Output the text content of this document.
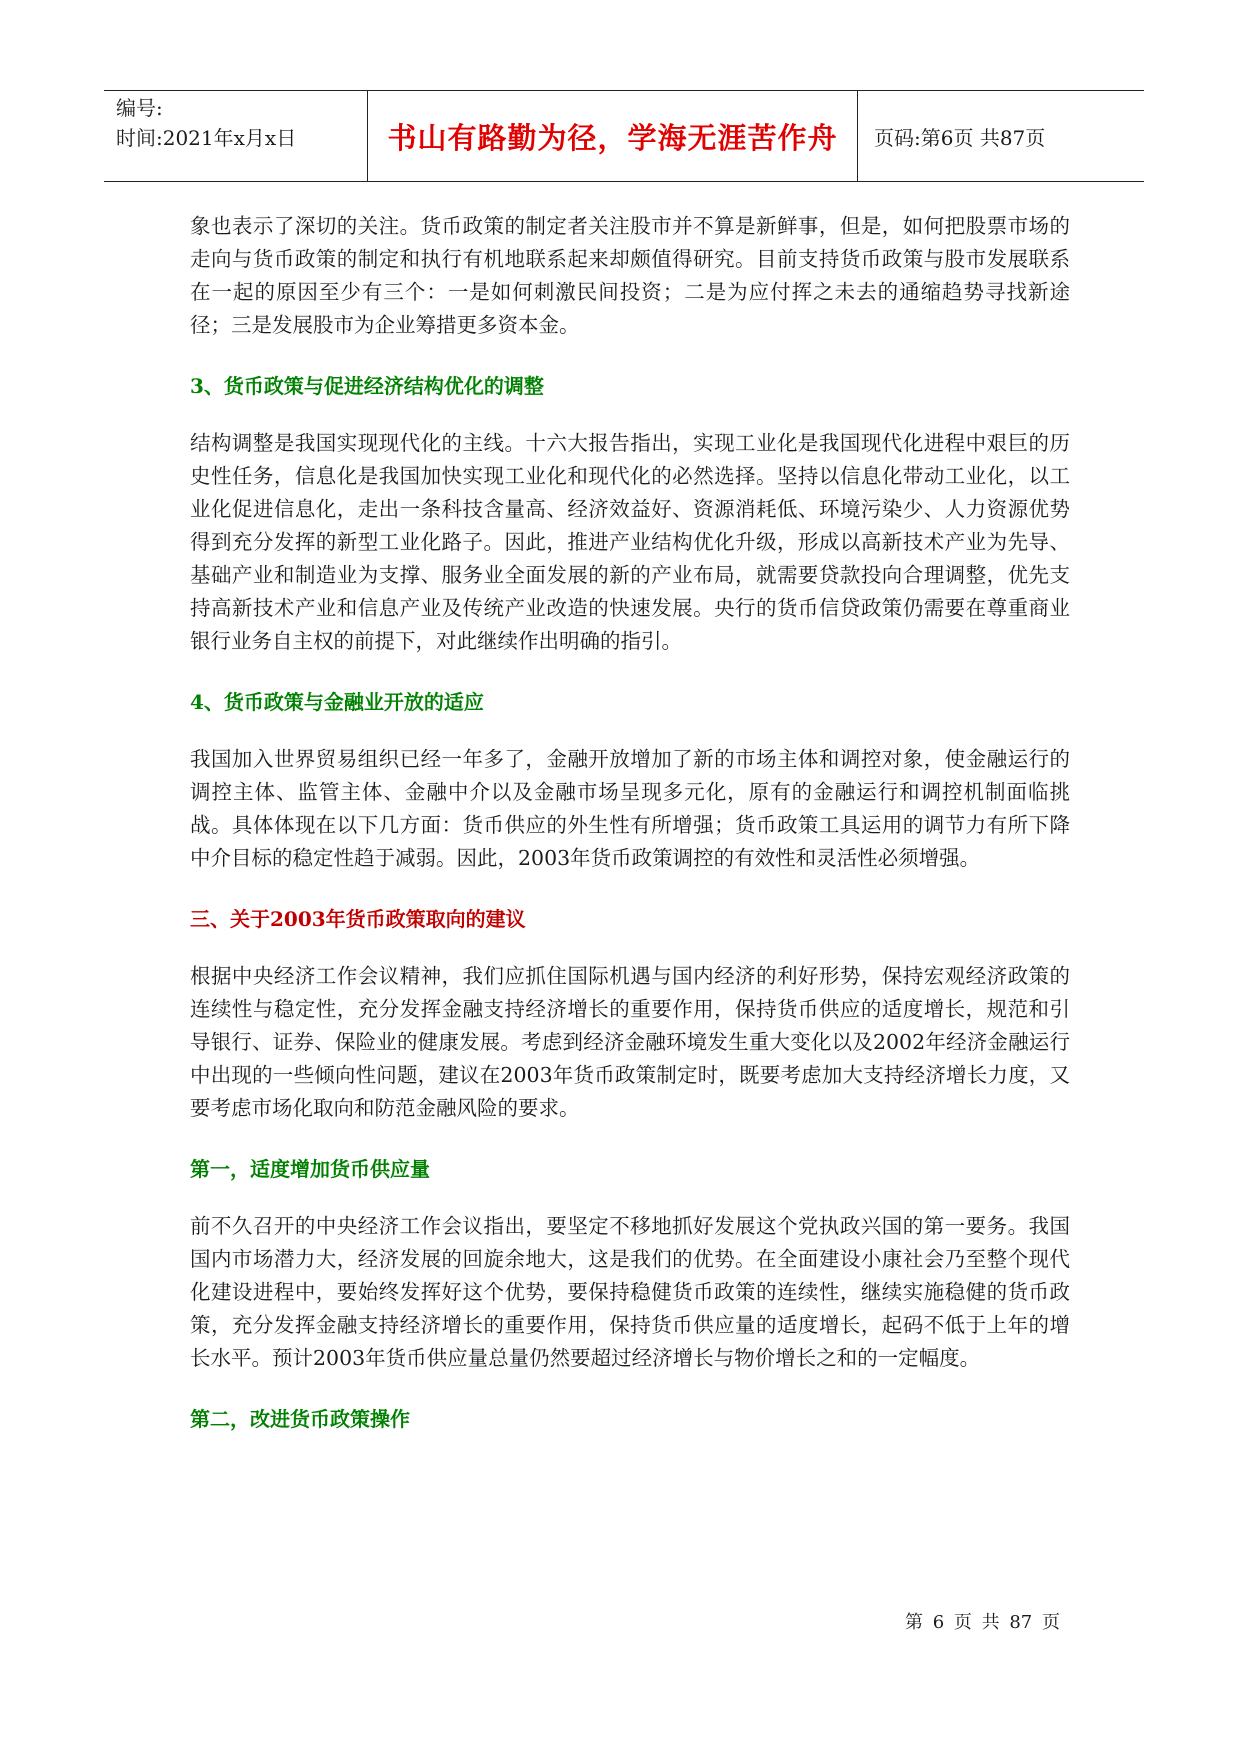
编号:
时间:2021年x月x日	书山有路勤为径，学海无涯苦作舟	页码:第6页 共87页

象也表示了深切的关注。货币政策的制定者关注股市并不算是新鲜事，但是，如何把股票市场的走向与货币政策的制定和执行有机地联系起来却颇值得研究。目前支持货币政策与股市发展联系在一起的原因至少有三个：一是如何刺激民间投资；二是为应付挥之未去的通缩趋势寻找新途径；三是发展股市为企业筹措更多资本金。

3、货币政策与促进经济结构优化的调整

结构调整是我国实现现代化的主线。十六大报告指出，实现工业化是我国现代化进程中艰巨的历史性任务，信息化是我国加快实现工业化和现代化的必然选择。坚持以信息化带动工业化，以工业化促进信息化，走出一条科技含量高、经济效益好、资源消耗低、环境污染少、人力资源优势得到充分发挥的新型工业化路子。因此，推进产业结构优化升级，形成以高新技术产业为先导、基础产业和制造业为支撑、服务业全面发展的新的产业布局，就需要贷款投向合理调整，优先支持高新技术产业和信息产业及传统产业改造的快速发展。央行的货币信贷政策仍需要在尊重商业银行业务自主权的前提下，对此继续作出明确的指引。

4、货币政策与金融业开放的适应

我国加入世界贸易组织已经一年多了，金融开放增加了新的市场主体和调控对象，使金融运行的调控主体、监管主体、金融中介以及金融市场呈现多元化，原有的金融运行和调控机制面临挑战。具体体现在以下几方面：货币供应的外生性有所增强；货币政策工具运用的调节力有所下降 中介目标的稳定性趋于减弱。因此，2003年货币政策调控的有效性和灵活性必须增强。

三、关于2003年货币政策取向的建议

根据中央经济工作会议精神，我们应抓住国际机遇与国内经济的利好形势，保持宏观经济政策的连续性与稳定性，充分发挥金融支持经济增长的重要作用，保持货币供应的适度增长，规范和引导银行、证券、保险业的健康发展。考虑到经济金融环境发生重大变化以及2002年经济金融运行中出现的一些倾向性问题，建议在2003年货币政策制定时，既要考虑加大支持经济增长力度，又要考虑市场化取向和防范金融风险的要求。

第一，适度增加货币供应量

前不久召开的中央经济工作会议指出，要坚定不移地抓好发展这个党执政兴国的第一要务。我国国内市场潜力大，经济发展的回旋余地大，这是我们的优势。在全面建设小康社会乃至整个现代化建设进程中，要始终发挥好这个优势，要保持稳健货币政策的连续性，继续实施稳健的货币政策，充分发挥金融支持经济增长的重要作用，保持货币供应量的适度增长，起码不低于上年的增长水平。预计2003年货币供应量总量仍然要超过经济增长与物价增长之和的一定幅度。

第二，改进货币政策操作
第 6 页 共 87 页
